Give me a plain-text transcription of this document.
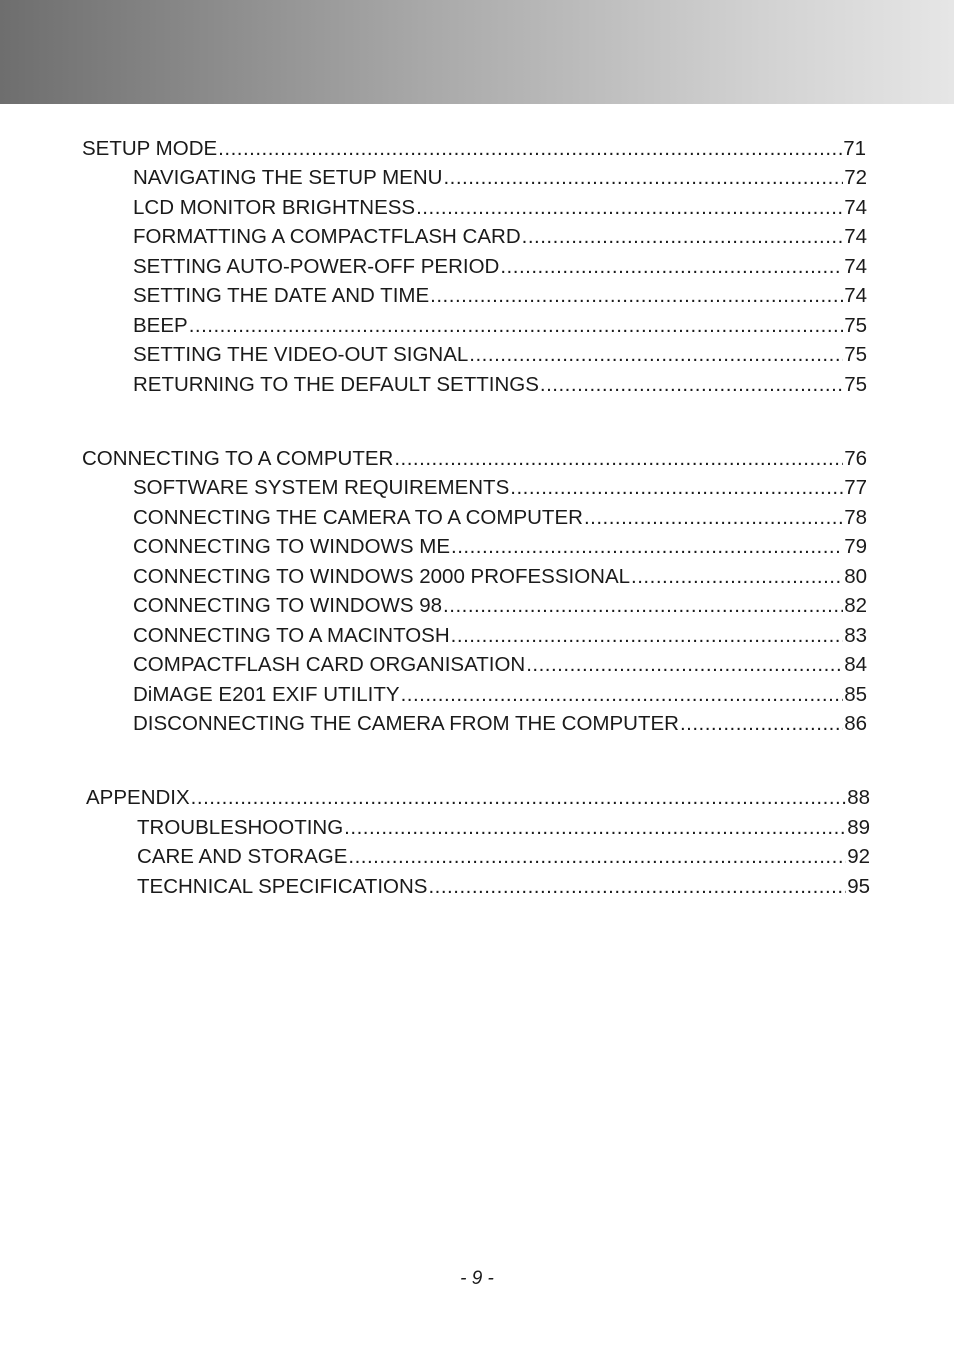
SETUP MODE .....	71
NAVIGATING THE SETUP MENU .....	72
LCD MONITOR BRIGHTNESS .....	74
FORMATTING A COMPACTFLASH CARD .....	74
SETTING AUTO-POWER-OFF PERIOD .....	74
SETTING THE DATE AND TIME .....	74
BEEP .....	75
SETTING THE VIDEO-OUT SIGNAL .....	75
RETURNING TO THE DEFAULT SETTINGS .....	75
CONNECTING TO A COMPUTER .....	76
SOFTWARE SYSTEM REQUIREMENTS .....	77
CONNECTING THE CAMERA TO A COMPUTER .....	78
CONNECTING TO WINDOWS ME .....	79
CONNECTING TO WINDOWS 2000 PROFESSIONAL .....	80
CONNECTING TO WINDOWS 98 .....	82
CONNECTING TO A MACINTOSH .....	83
COMPACTFLASH CARD ORGANISATION .....	84
DiMAGE E201 EXIF UTILITY .....	85
DISCONNECTING THE CAMERA FROM THE COMPUTER .....	86
APPENDIX .....	88
TROUBLESHOOTING .....	89
CARE AND STORAGE .....	92
TECHNICAL SPECIFICATIONS .....	95
- 9 -
